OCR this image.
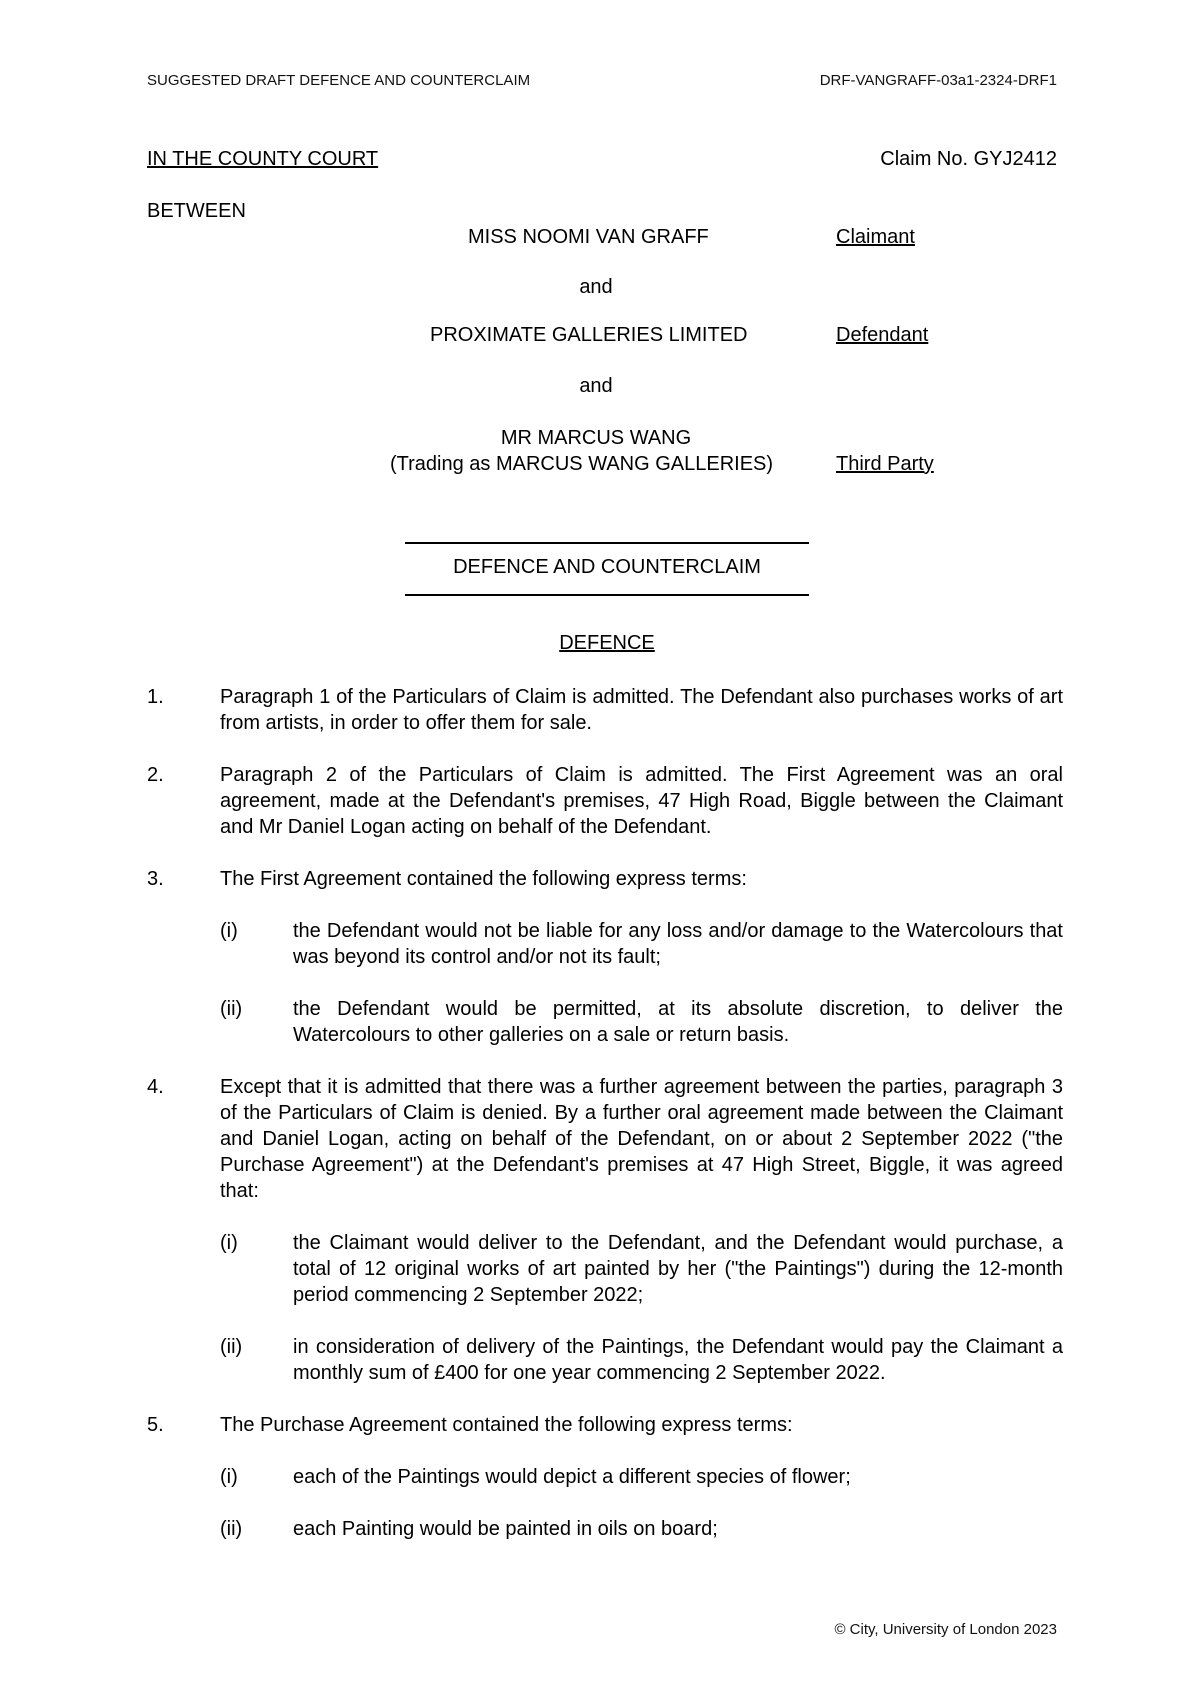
SUGGESTED DRAFT DEFENCE AND COUNTERCLAIM	DRF-VANGRAFF-03a1-2324-DRF1
IN THE COUNTY COURT	Claim No. GYJ2412
BETWEEN
MISS NOOMI VAN GRAFF	Claimant
and
PROXIMATE GALLERIES LIMITED	Defendant
and
MR MARCUS WANG
(Trading as MARCUS WANG GALLERIES)	Third Party
DEFENCE AND COUNTERCLAIM
DEFENCE
1.	Paragraph 1 of the Particulars of Claim is admitted. The Defendant also purchases works of art from artists, in order to offer them for sale.
2.	Paragraph 2 of the Particulars of Claim is admitted. The First Agreement was an oral agreement, made at the Defendant's premises, 47 High Road, Biggle between the Claimant and Mr Daniel Logan acting on behalf of the Defendant.
3.	The First Agreement contained the following express terms:
(i)	the Defendant would not be liable for any loss and/or damage to the Watercolours that was beyond its control and/or not its fault;
(ii)	the Defendant would be permitted, at its absolute discretion, to deliver the Watercolours to other galleries on a sale or return basis.
4.	Except that it is admitted that there was a further agreement between the parties, paragraph 3 of the Particulars of Claim is denied. By a further oral agreement made between the Claimant and Daniel Logan, acting on behalf of the Defendant, on or about 2 September 2022 ("the Purchase Agreement") at the Defendant's premises at 47 High Street, Biggle, it was agreed that:
(i)	the Claimant would deliver to the Defendant, and the Defendant would purchase, a total of 12 original works of art painted by her ("the Paintings") during the 12-month period commencing 2 September 2022;
(ii)	in consideration of delivery of the Paintings, the Defendant would pay the Claimant a monthly sum of £400 for one year commencing 2 September 2022.
5.	The Purchase Agreement contained the following express terms:
(i)	each of the Paintings would depict a different species of flower;
(ii)	each Painting would be painted in oils on board;
© City, University of London 2023
